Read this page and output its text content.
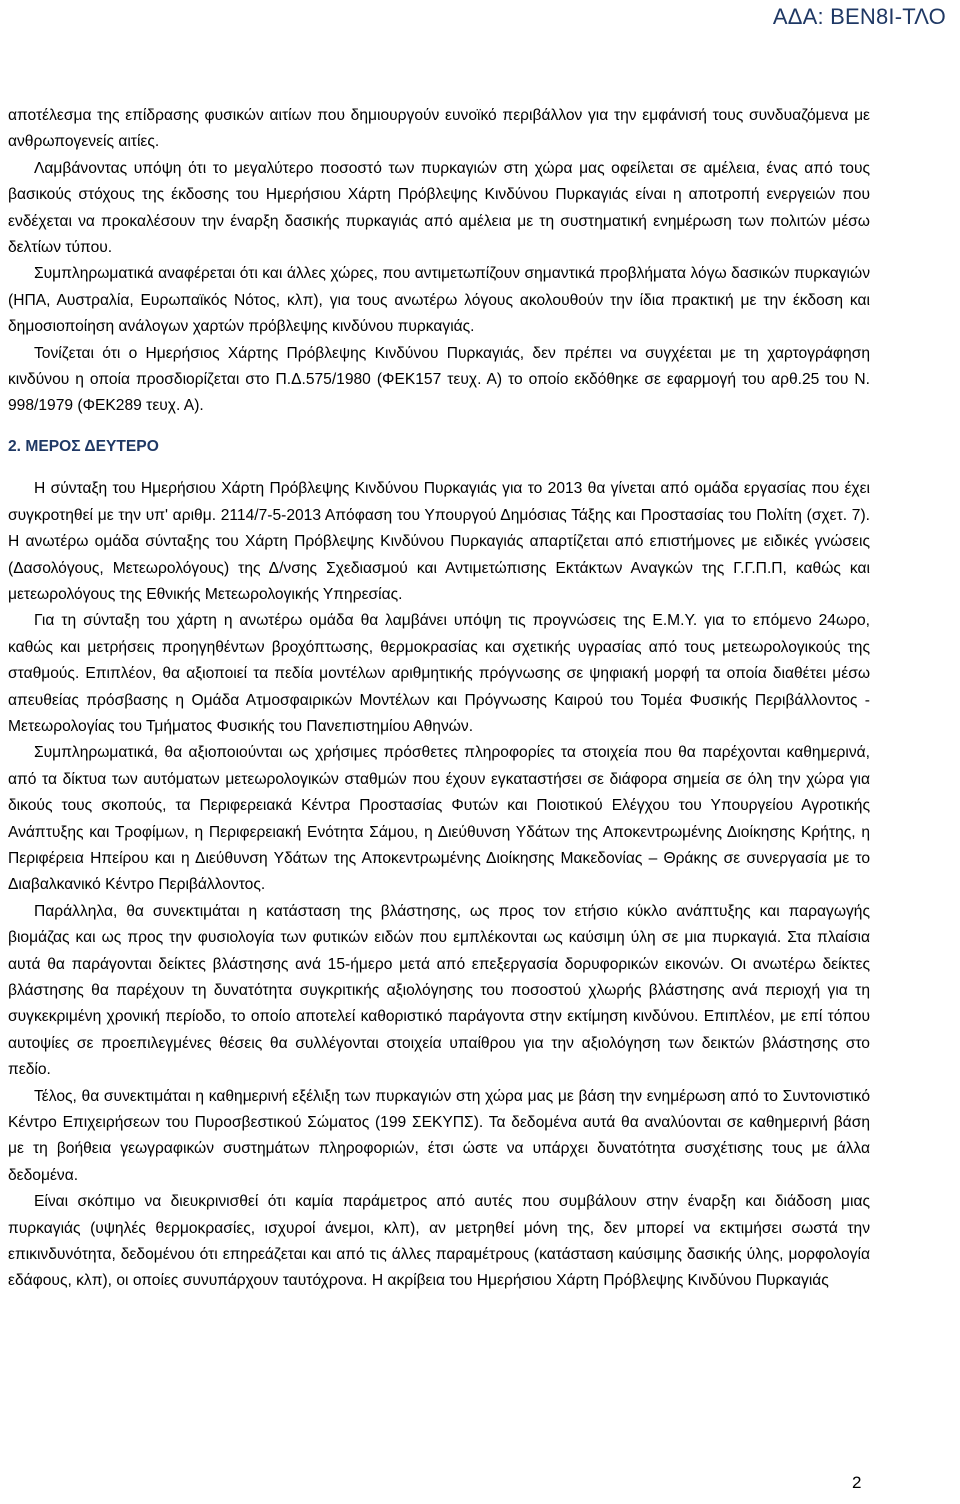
ΑΔΑ: ΒΕΝ8Ι-ΤΛΟ

αποτέλεσμα της επίδρασης φυσικών αιτίων που δημιουργούν ευνοϊκό περιβάλλον για την εμφάνισή τους συνδυαζόμενα με ανθρωπογενείς αιτίες.

Λαμβάνοντας υπόψη ότι το μεγαλύτερο ποσοστό των πυρκαγιών στη χώρα μας οφείλεται σε αμέλεια, ένας από τους βασικούς στόχους της έκδοσης του Ημερήσιου Χάρτη Πρόβλεψης Κινδύνου Πυρκαγιάς είναι η αποτροπή ενεργειών που ενδέχεται να προκαλέσουν την έναρξη δασικής πυρκαγιάς από αμέλεια με τη συστηματική ενημέρωση των πολιτών μέσω δελτίων τύπου.

Συμπληρωματικά αναφέρεται ότι και άλλες χώρες, που αντιμετωπίζουν σημαντικά προβλήματα λόγω δασικών πυρκαγιών (ΗΠΑ, Αυστραλία, Ευρωπαϊκός Νότος, κλπ), για τους ανωτέρω λόγους ακολουθούν την ίδια πρακτική με την έκδοση και δημοσιοποίηση ανάλογων χαρτών πρόβλεψης κινδύνου πυρκαγιάς.

Τονίζεται ότι ο Ημερήσιος Χάρτης Πρόβλεψης Κινδύνου Πυρκαγιάς, δεν πρέπει να συγχέεται με τη χαρτογράφηση κινδύνου η οποία προσδιορίζεται στο Π.Δ.575/1980 (ΦΕΚ157 τευχ. Α) το οποίο εκδόθηκε σε εφαρμογή του αρθ.25 του Ν. 998/1979 (ΦΕΚ289 τευχ. Α).

2. ΜΕΡΟΣ ΔΕΥΤΕΡΟ

Η σύνταξη του Ημερήσιου Χάρτη Πρόβλεψης Κινδύνου Πυρκαγιάς για το 2013 θα γίνεται από ομάδα εργασίας που έχει συγκροτηθεί με την υπ' αριθμ. 2114/7-5-2013 Απόφαση του Υπουργού Δημόσιας Τάξης και Προστασίας του Πολίτη (σχετ. 7). Η ανωτέρω ομάδα σύνταξης του Χάρτη Πρόβλεψης Κινδύνου Πυρκαγιάς απαρτίζεται από επιστήμονες με ειδικές γνώσεις (Δασολόγους, Μετεωρολόγους) της Δ/νσης Σχεδιασμού και Αντιμετώπισης Εκτάκτων Αναγκών της Γ.Γ.Π.Π, καθώς και μετεωρολόγους της Εθνικής Μετεωρολογικής Υπηρεσίας.

Για τη σύνταξη του χάρτη η ανωτέρω ομάδα θα λαμβάνει υπόψη τις προγνώσεις της Ε.Μ.Υ. για το επόμενο 24ωρο, καθώς και μετρήσεις προηγηθέντων βροχόπτωσης, θερμοκρασίας και σχετικής υγρασίας από τους μετεωρολογικούς της σταθμούς. Επιπλέον, θα αξιοποιεί τα πεδία μοντέλων αριθμητικής πρόγνωσης σε ψηφιακή μορφή τα οποία διαθέτει μέσω απευθείας πρόσβασης η Ομάδα Ατμοσφαιρικών Μοντέλων και Πρόγνωσης Καιρού του Τομέα Φυσικής Περιβάλλοντος - Μετεωρολογίας του Τμήματος Φυσικής του Πανεπιστημίου Αθηνών.

Συμπληρωματικά, θα αξιοποιούνται ως χρήσιμες πρόσθετες πληροφορίες τα στοιχεία που θα παρέχονται καθημερινά, από τα δίκτυα των αυτόματων μετεωρολογικών σταθμών που έχουν εγκαταστήσει σε διάφορα σημεία σε όλη την χώρα για δικούς τους σκοπούς, τα Περιφερειακά Κέντρα Προστασίας Φυτών και Ποιοτικού Ελέγχου του Υπουργείου Αγροτικής Ανάπτυξης και Τροφίμων, η Περιφερειακή Ενότητα Σάμου, η Διεύθυνση Υδάτων της Αποκεντρωμένης Διοίκησης Κρήτης, η Περιφέρεια Ηπείρου και η Διεύθυνση Υδάτων της Αποκεντρωμένης Διοίκησης Μακεδονίας – Θράκης σε συνεργασία με το Διαβαλκανικό Κέντρο Περιβάλλοντος.

Παράλληλα, θα συνεκτιμάται η κατάσταση της βλάστησης, ως προς τον ετήσιο κύκλο ανάπτυξης και παραγωγής βιομάζας και ως προς την φυσιολογία των φυτικών ειδών που εμπλέκονται ως καύσιμη ύλη σε μια πυρκαγιά. Στα πλαίσια αυτά θα παράγονται δείκτες βλάστησης ανά 15-ήμερο μετά από επεξεργασία δορυφορικών εικονών. Οι ανωτέρω δείκτες βλάστησης θα παρέχουν τη δυνατότητα συγκριτικής αξιολόγησης του ποσοστού χλωρής βλάστησης ανά περιοχή για τη συγκεκριμένη χρονική περίοδο, το οποίο αποτελεί καθοριστικό παράγοντα στην εκτίμηση κινδύνου. Επιπλέον, με επί τόπου αυτοψίες σε προεπιλεγμένες θέσεις θα συλλέγονται στοιχεία υπαίθρου για την αξιολόγηση των δεικτών βλάστησης στο πεδίο.

Τέλος, θα συνεκτιμάται η καθημερινή εξέλιξη των πυρκαγιών στη χώρα μας με βάση την ενημέρωση από το Συντονιστικό Κέντρο Επιχειρήσεων του Πυροσβεστικού Σώματος (199 ΣΕΚΥΠΣ). Τα δεδομένα αυτά θα αναλύονται σε καθημερινή βάση με τη βοήθεια γεωγραφικών συστημάτων πληροφοριών, έτσι ώστε να υπάρχει δυνατότητα συσχέτισης τους με άλλα δεδομένα.

Είναι σκόπιμο να διευκρινισθεί ότι καμία παράμετρος από αυτές που συμβάλουν στην έναρξη και διάδοση μιας πυρκαγιάς (υψηλές θερμοκρασίες, ισχυροί άνεμοι, κλπ), αν μετρηθεί μόνη της, δεν μπορεί να εκτιμήσει σωστά την επικινδυνότητα, δεδομένου ότι επηρεάζεται και από τις άλλες παραμέτρους (κατάσταση καύσιμης δασικής ύλης, μορφολογία εδάφους, κλπ), οι οποίες συνυπάρχουν ταυτόχρονα. Η ακρίβεια του Ημερήσιου Χάρτη Πρόβλεψης Κινδύνου Πυρκαγιάς

2
